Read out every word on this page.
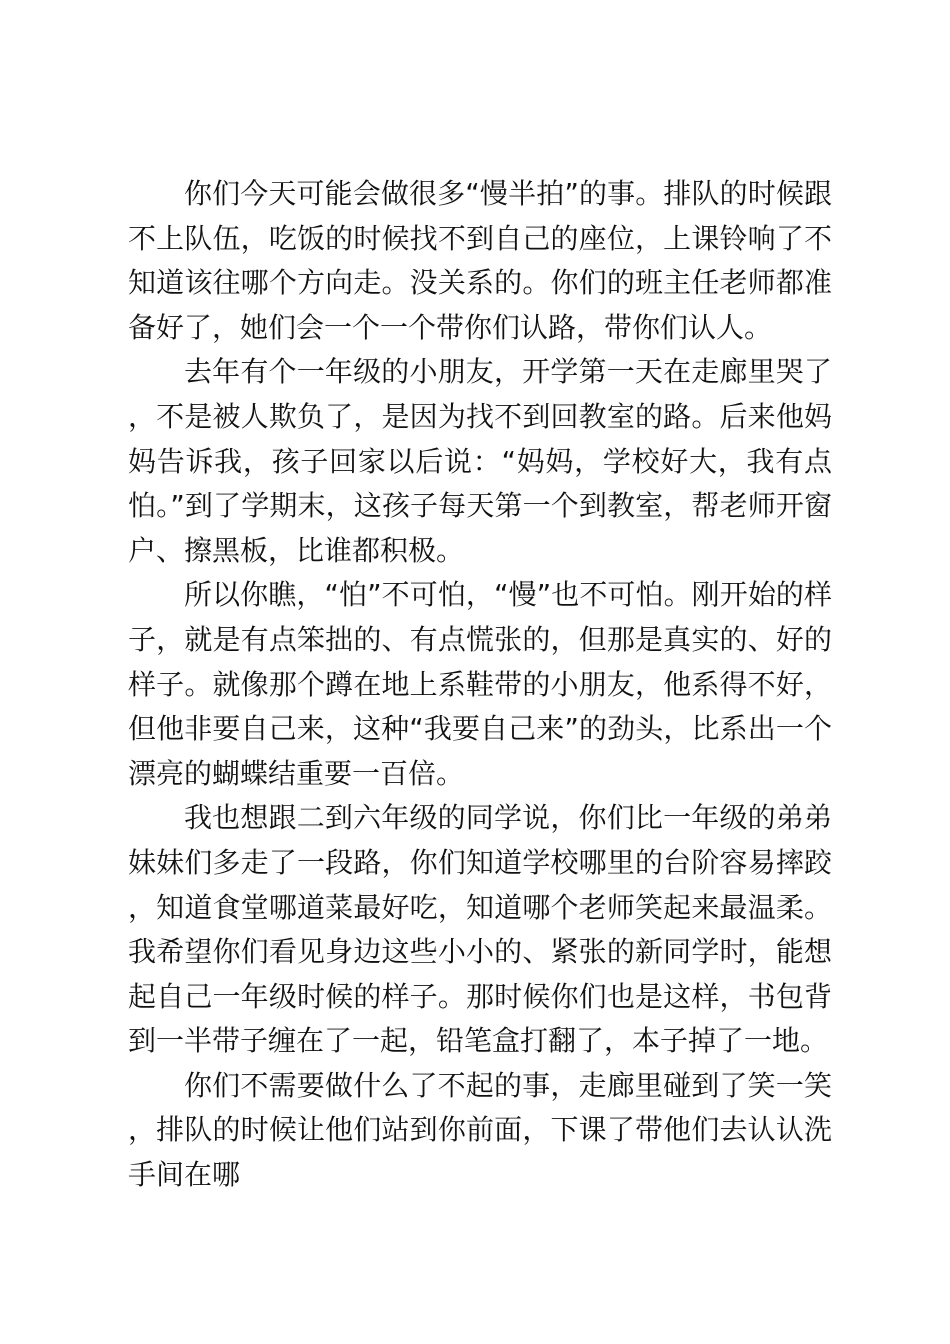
你们今天可能会做很多“慢半拍”的事。排队的时候跟不上队伍，吃饭的时候找不到自己的座位，上课铃响了不知道该往哪个方向走。没关系的。你们的班主任老师都准备好了，她们会一个一个带你们认路，带你们认人。

去年有个一年级的小朋友，开学第一天在走廊里哭了，不是被人欺负了，是因为找不到回教室的路。后来他妈妈告诉我，孩子回家以后说：“妈妈，学校好大，我有点怕。”到了学期末，这孩子每天第一个到教室，帮老师开窗户、擦黑板，比谁都积极。

所以你瞧，“怕”不可怕，“慢”也不可怕。刚开始的样子，就是有点笨拙的、有点慌张的，但那是真实的、好的样子。就像那个蹲在地上系鞋带的小朋友，他系得不好，但他非要自己来，这种“我要自己来”的劲头，比系出一个漂亮的蝴蝶结重要一百倍。

我也想跟二到六年级的同学说，你们比一年级的弟弟妹妹们多走了一段路，你们知道学校哪里的台阶容易摔跤，知道食堂哪道菜最好吃，知道哪个老师笑起来最温柔。我希望你们看见身边这些小小的、紧张的新同学时，能想起自己一年级时候的样子。那时候你们也是这样，书包背到一半带子缠在了一起，铅笔盒打翻了，本子掉了一地。

你们不需要做什么了不起的事，走廊里碰到了笑一笑，排队的时候让他们站到你前面，下课了带他们去认认洗手间在哪
